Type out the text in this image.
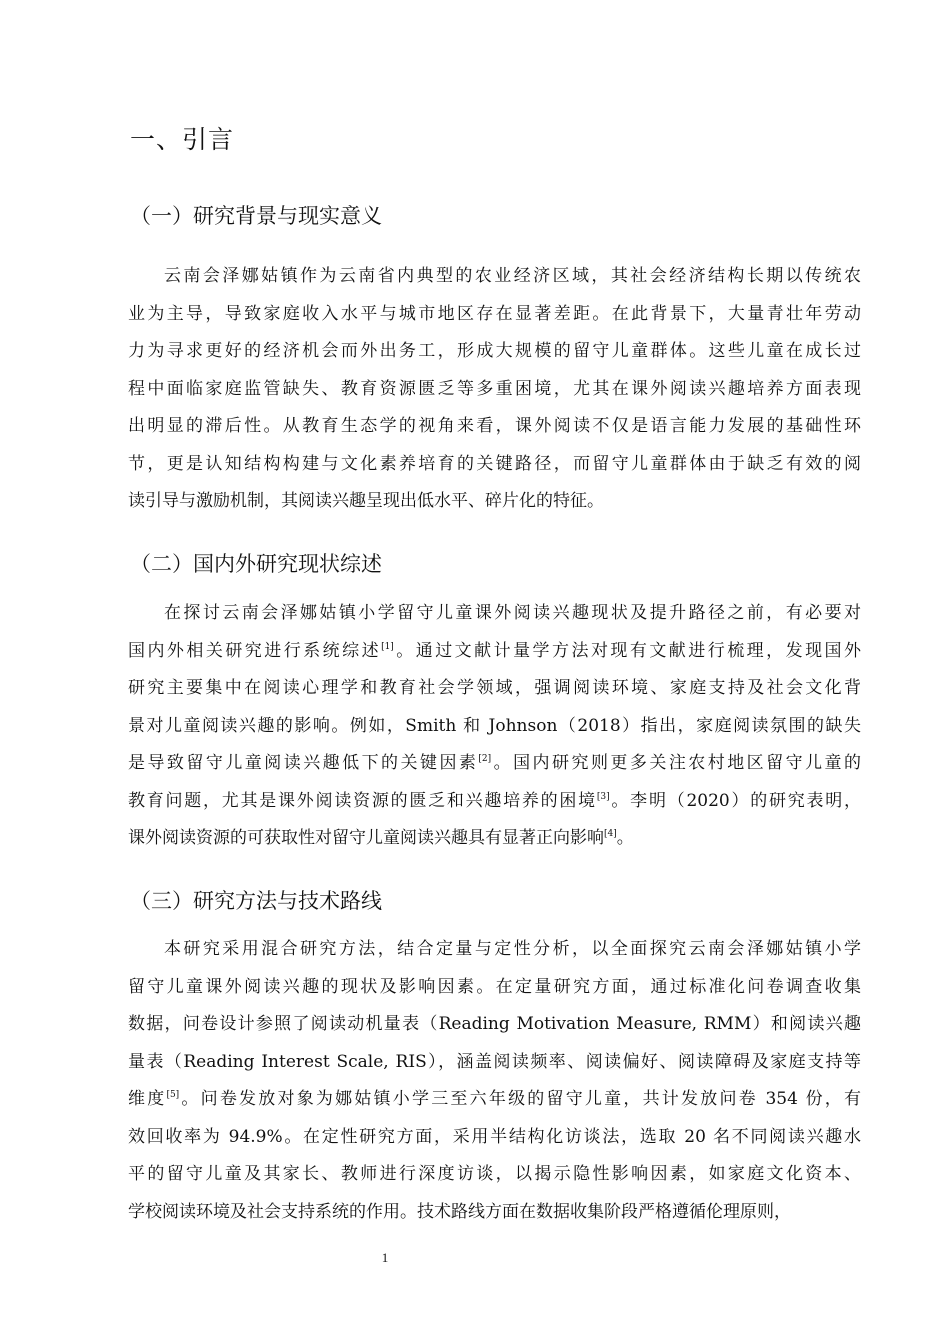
一、引言
（一）研究背景与现实意义
云南会泽娜姑镇作为云南省内典型的农业经济区域，其社会经济结构长期以传统农
业为主导，导致家庭收入水平与城市地区存在显著差距。在此背景下，大量青壮年劳动
力为寻求更好的经济机会而外出务工，形成大规模的留守儿童群体。这些儿童在成长过
程中面临家庭监管缺失、教育资源匮乏等多重困境，尤其在课外阅读兴趣培养方面表现
出明显的滞后性。从教育生态学的视角来看，课外阅读不仅是语言能力发展的基础性环
节，更是认知结构构建与文化素养培育的关键路径，而留守儿童群体由于缺乏有效的阅
读引导与激励机制，其阅读兴趣呈现出低水平、碎片化的特征。
（二）国内外研究现状综述
在探讨云南会泽娜姑镇小学留守儿童课外阅读兴趣现状及提升路径之前，有必要对
国内外相关研究进行系统综述[1]。通过文献计量学方法对现有文献进行梳理，发现国外
研究主要集中在阅读心理学和教育社会学领域，强调阅读环境、家庭支持及社会文化背
景对儿童阅读兴趣的影响。例如，Smith 和 Johnson（2018）指出，家庭阅读氛围的缺失
是导致留守儿童阅读兴趣低下的关键因素[2]。国内研究则更多关注农村地区留守儿童的
教育问题，尤其是课外阅读资源的匮乏和兴趣培养的困境[3]。李明（2020）的研究表明，
课外阅读资源的可获取性对留守儿童阅读兴趣具有显著正向影响[4]。
（三）研究方法与技术路线
本研究采用混合研究方法，结合定量与定性分析，以全面探究云南会泽娜姑镇小学
留守儿童课外阅读兴趣的现状及影响因素。在定量研究方面，通过标准化问卷调查收集
数据，问卷设计参照了阅读动机量表（Reading Motivation Measure, RMM）和阅读兴趣
量表（Reading Interest Scale, RIS），涵盖阅读频率、阅读偏好、阅读障碍及家庭支持等
维度[5]。问卷发放对象为娜姑镇小学三至六年级的留守儿童，共计发放问卷 354 份，有
效回收率为 94.9%。在定性研究方面，采用半结构化访谈法，选取 20 名不同阅读兴趣水
平的留守儿童及其家长、教师进行深度访谈，以揭示隐性影响因素，如家庭文化资本、
学校阅读环境及社会支持系统的作用。技术路线方面在数据收集阶段严格遵循伦理原则，
1
